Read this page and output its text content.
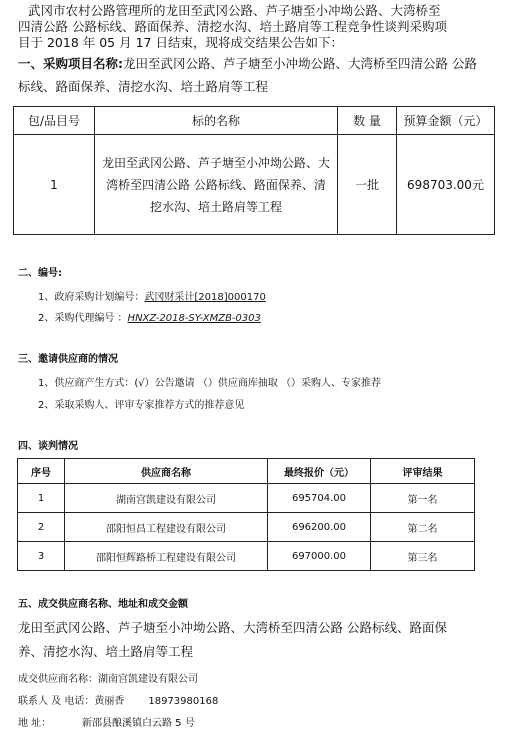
武冈市农村公路管理所的龙田至武冈公路、芦子塘至小冲坳公路、大湾桥至
四清公路 公路标线、路面保养、清挖水沟、培土路肩等工程竞争性谈判采购项
目于 2018 年 05 月 17 日结束，现将成交结果公告如下：
一、采购项目名称:龙田至武冈公路、芦子塘至小冲坳公路、大湾桥至四清公路 公路
标线、路面保养、清挖水沟、培土路肩等工程
包/品目号	标的名称	数 量	预算金额（元）
1	龙田至武冈公路、芦子塘至小冲坳公路、大
湾桥至四清公路 公路标线、路面保养、清
挖水沟、培土路肩等工程	一批	698703.00元
二、编号:
1、政府采购计划编号：武冈财采计[2018]000170
2、采购代理编号 ：HNXZ-2018-SY-XMZB-0303
三、邀请供应商的情况
1、供应商产生方式：(√）公告邀请 （）供应商库抽取 （）采购人、专家推荐
2、采取采购人、评审专家推荐方式的推荐意见
四、谈判情况
序号	供应商名称	最终报价（元）	评审结果
1	湖南宫凯建设有限公司	695704.00	第一名
2	邵阳恒昌工程建设有限公司	696200.00	第二名
3	邵阳恒辉路桥工程建设有限公司	697000.00	第三名
五、成交供应商名称、地址和成交金额
龙田至武冈公路、芦子塘至小冲坳公路、大湾桥至四清公路 公路标线、路面保
养、清挖水沟、培土路肩等工程
成交供应商名称：湖南宫凯建设有限公司
联系人 及 电话：黄丽香 18973980168
地 址：	新邵县酿溪镇白云路 5 号
